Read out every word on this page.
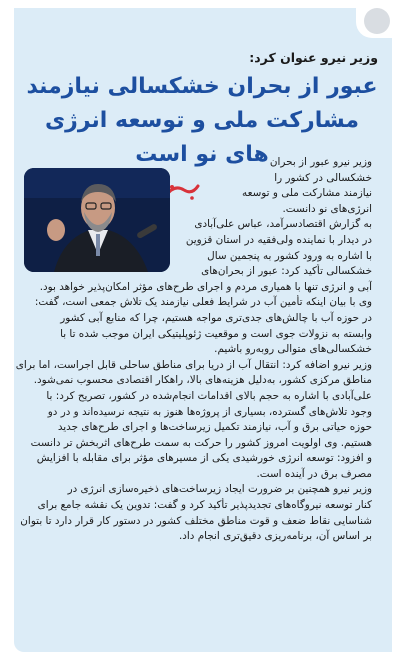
وزیر نیرو عنوان کرد:
عبور از بحران خشکسالی نیازمند مشارکت ملی و توسعه انرژی های نو است وزیر نیرو عبور از بحران
خشکسالی در کشور را
نیازمند مشارکت ملی و توسعه
انرژی‌های نو دانست.
به گزارش اقتصادسرآمد، عباس علی‌آبادی
در دیدار با نماینده ولی‌فقیه در استان قزوین
با اشاره به ورود کشور به پنجمین سال
خشکسالی تأکید کرد: عبور از بحران‌های
آبی و انرژی تنها با همیاری مردم و اجرای طرح‌های مؤثر امکان‌پذیر خواهد بود.
وی با بیان اینکه تأمین آب در شرایط فعلی نیازمند یک تلاش جمعی است، گفت:
در حوزه آب با چالش‌های جدی‌تری مواجه هستیم، چرا که منابع آبی کشور
وابسته به نزولات جوی است و موقعیت ژئوپلیتیکی ایران موجب شده تا با
خشکسالی‌های متوالی روبه‌رو باشیم.
وزیر نیرو اضافه کرد: انتقال آب از دریا برای مناطق ساحلی قابل اجراست، اما برای
مناطق مرکزی کشور، به‌دلیل هزینه‌های بالا، راهکار اقتصادی محسوب نمی‌شود.
علی‌آبادی با اشاره به حجم بالای اقدامات انجام‌شده در کشور، تصریح کرد: با
وجود تلاش‌های گسترده، بسیاری از پروژه‌ها هنوز به نتیجه نرسیده‌اند و در دو
حوزه حیاتی برق و آب، نیازمند تکمیل زیرساخت‌ها و اجرای طرح‌های جدید
هستیم. وی اولویت امروز کشور را حرکت به سمت طرح‌های اثربخش تر دانست
و افزود: توسعه انرژی خورشیدی یکی از مسیرهای مؤثر برای مقابله با افزایش
مصرف برق در آینده است.
وزیر نیرو همچنین بر ضرورت ایجاد زیرساخت‌های ذخیره‌سازی انرژی در
کنار توسعه نیروگاه‌های تجدیدپذیر تأکید کرد و گفت: تدوین یک نقشه جامع برای
شناسایی نقاط ضعف و قوت مناطق مختلف کشور در دستور کار قرار دارد تا بتوان
بر اساس آن، برنامه‌ریزی دقیق‌تری انجام داد.
